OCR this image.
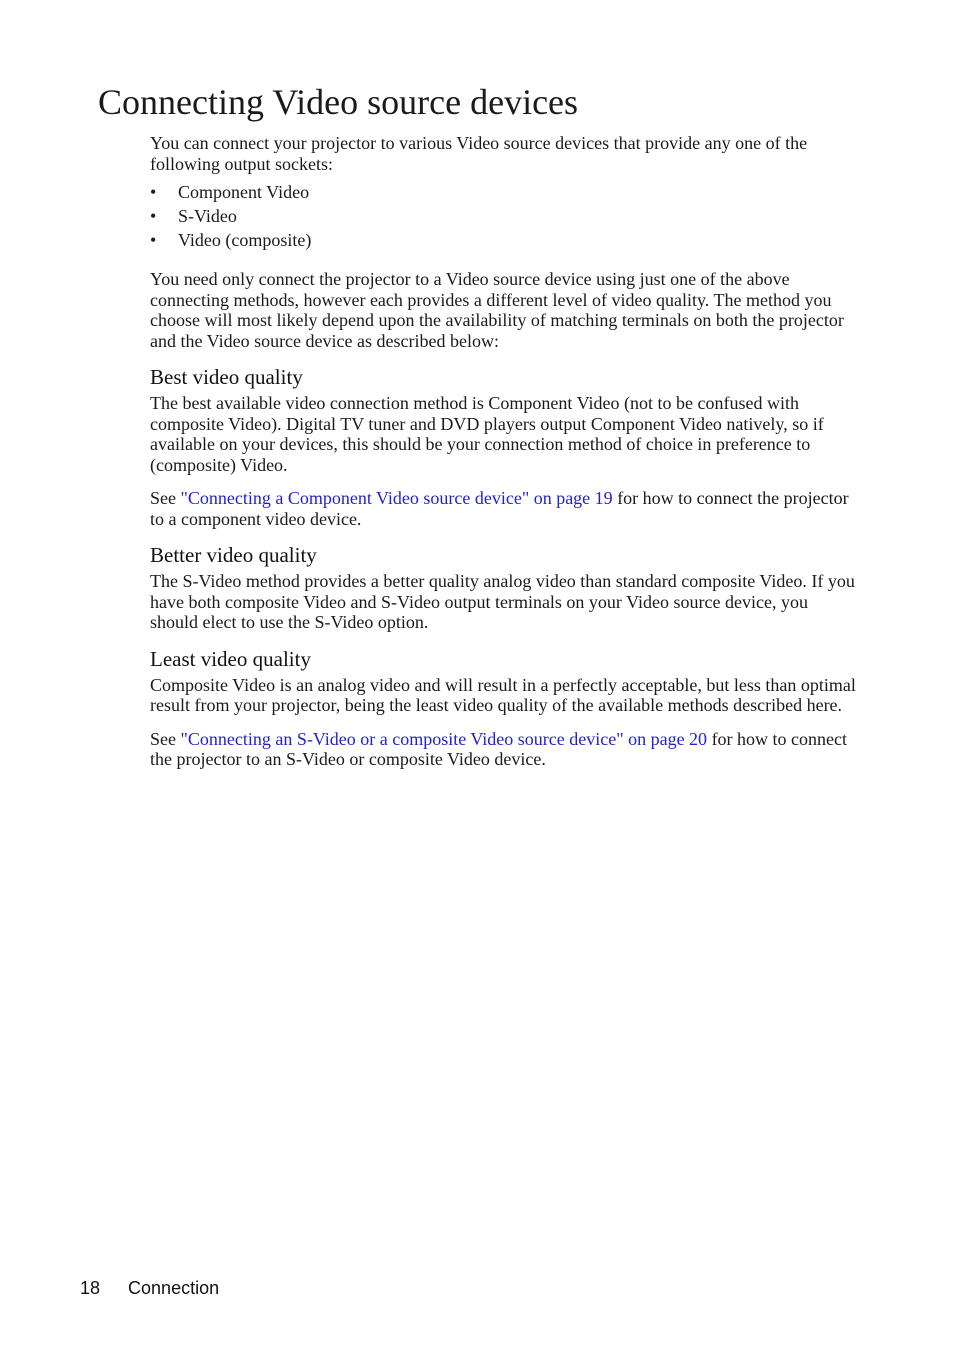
Connecting Video source devices

You can connect your projector to various Video source devices that provide any one of the following output sockets:

• Component Video
• S-Video
• Video (composite)

You need only connect the projector to a Video source device using just one of the above connecting methods, however each provides a different level of video quality. The method you choose will most likely depend upon the availability of matching terminals on both the projector and the Video source device as described below:

Best video quality

The best available video connection method is Component Video (not to be confused with composite Video). Digital TV tuner and DVD players output Component Video natively, so if available on your devices, this should be your connection method of choice in preference to (composite) Video.

See "Connecting a Component Video source device" on page 19 for how to connect the projector to a component video device.

Better video quality

The S-Video method provides a better quality analog video than standard composite Video. If you have both composite Video and S-Video output terminals on your Video source device, you should elect to use the S-Video option.

Least video quality

Composite Video is an analog video and will result in a perfectly acceptable, but less than optimal result from your projector, being the least video quality of the available methods described here.

See "Connecting an S-Video or a composite Video source device" on page 20 for how to connect the projector to an S-Video or composite Video device.

18 Connection
